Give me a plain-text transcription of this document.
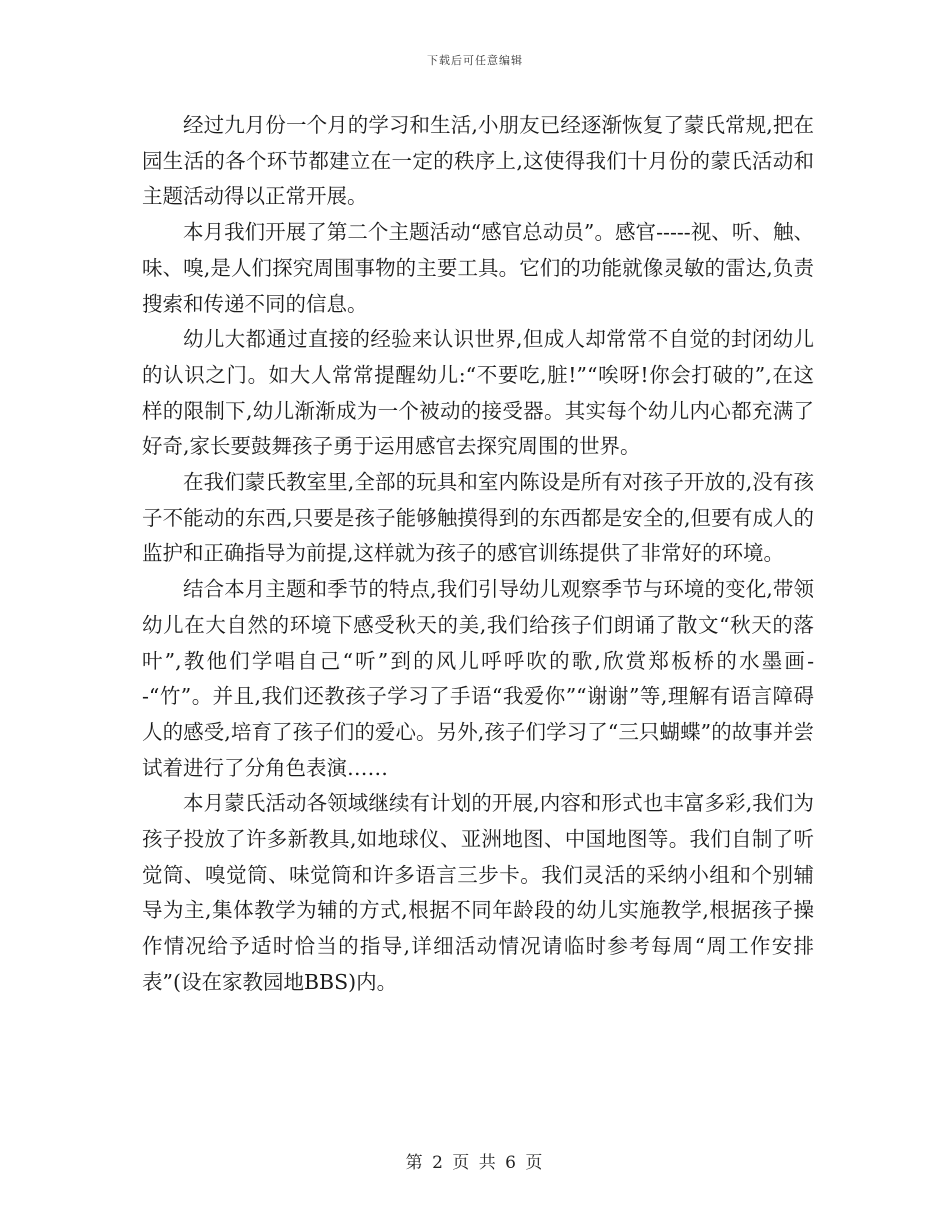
下载后可任意编辑

经过九月份一个月的学习和生活,小朋友已经逐渐恢复了蒙氏常规,把在园生活的各个环节都建立在一定的秩序上,这使得我们十月份的蒙氏活动和主题活动得以正常开展。

本月我们开展了第二个主题活动“感官总动员”。感官-----视、听、触、味、嗅,是人们探究周围事物的主要工具。它们的功能就像灵敏的雷达,负责搜索和传递不同的信息。

幼儿大都通过直接的经验来认识世界,但成人却常常不自觉的封闭幼儿的认识之门。如大人常常提醒幼儿:“不要吃,脏!”“唉呀!你会打破的”,在这样的限制下,幼儿渐渐成为一个被动的接受器。其实每个幼儿内心都充满了好奇,家长要鼓舞孩子勇于运用感官去探究周围的世界。

在我们蒙氏教室里,全部的玩具和室内陈设是所有对孩子开放的,没有孩子不能动的东西,只要是孩子能够触摸得到的东西都是安全的,但要有成人的监护和正确指导为前提,这样就为孩子的感官训练提供了非常好的环境。

结合本月主题和季节的特点,我们引导幼儿观察季节与环境的变化,带领幼儿在大自然的环境下感受秋天的美,我们给孩子们朗诵了散文“秋天的落叶”,教他们学唱自己“听”到的风儿呼呼吹的歌,欣赏郑板桥的水墨画--“竹”。并且,我们还教孩子学习了手语“我爱你”“谢谢”等,理解有语言障碍人的感受,培育了孩子们的爱心。另外,孩子们学习了“三只蝴蝶”的故事并尝试着进行了分角色表演……

本月蒙氏活动各领域继续有计划的开展,内容和形式也丰富多彩,我们为孩子投放了许多新教具,如地球仪、亚洲地图、中国地图等。我们自制了听觉筒、嗅觉筒、味觉筒和许多语言三步卡。我们灵活的采纳小组和个别辅导为主,集体教学为辅的方式,根据不同年龄段的幼儿实施教学,根据孩子操作情况给予适时恰当的指导,详细活动情况请临时参考每周“周工作安排表”(设在家教园地BBS)内。

第 2 页 共 6 页
